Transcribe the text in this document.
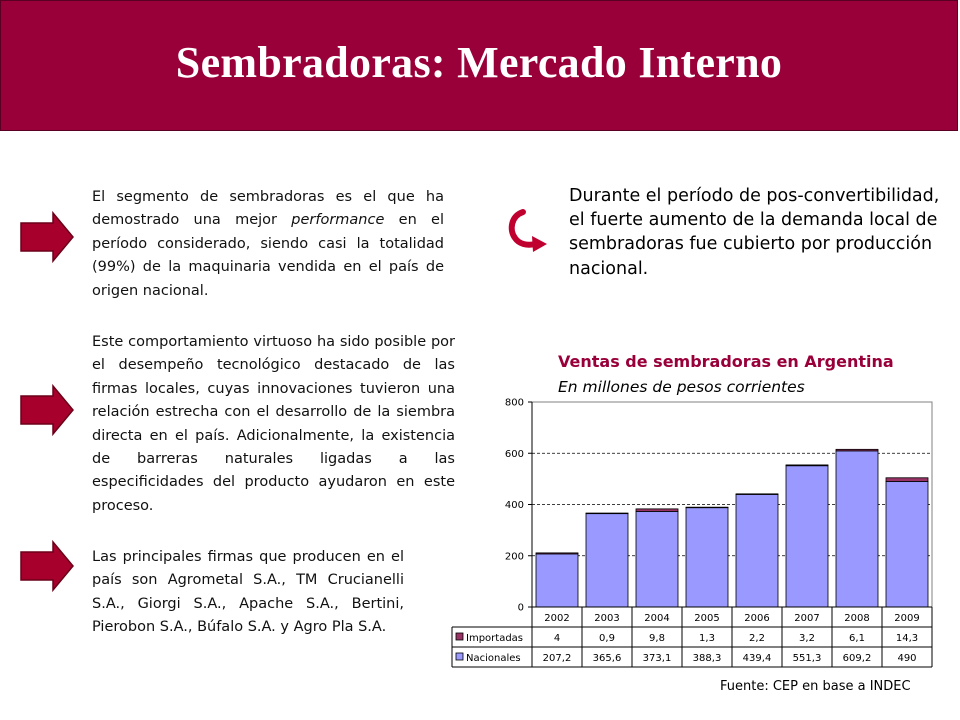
Sembradoras: Mercado Interno
El segmento de sembradoras es el que ha demostrado una mejor performance en el período considerado, siendo casi la totalidad (99%) de la maquinaria vendida en el país de origen nacional.
Este comportamiento virtuoso ha sido posible por el desempeño tecnológico destacado de las firmas locales, cuyas innovaciones tuvieron una relación estrecha con el desarrollo de la siembra directa en el país. Adicionalmente, la existencia de barreras naturales ligadas a las especificidades del producto ayudaron en este proceso.
Las principales firmas que producen en el país son Agrometal S.A., TM Crucianelli S.A., Giorgi S.A., Apache S.A., Bertini, Pierobon S.A., Búfalo S.A. y Agro Pla S.A.
Durante el período de pos-convertibilidad, el fuerte aumento de la demanda local de sembradoras fue cubierto por producción nacional.
Ventas de sembradoras en Argentina
En millones de pesos corrientes
0
200
400
600
800
2002 2003 2004 2005 2006 2007 2008 2009
Importadas	4	0,9	9,8	1,3	2,2	3,2	6,1	14,3
Nacionales 207,2 365,6 373,1 388,3 439,4 551,3 609,2	490
Fuente: CEP en base a INDEC
